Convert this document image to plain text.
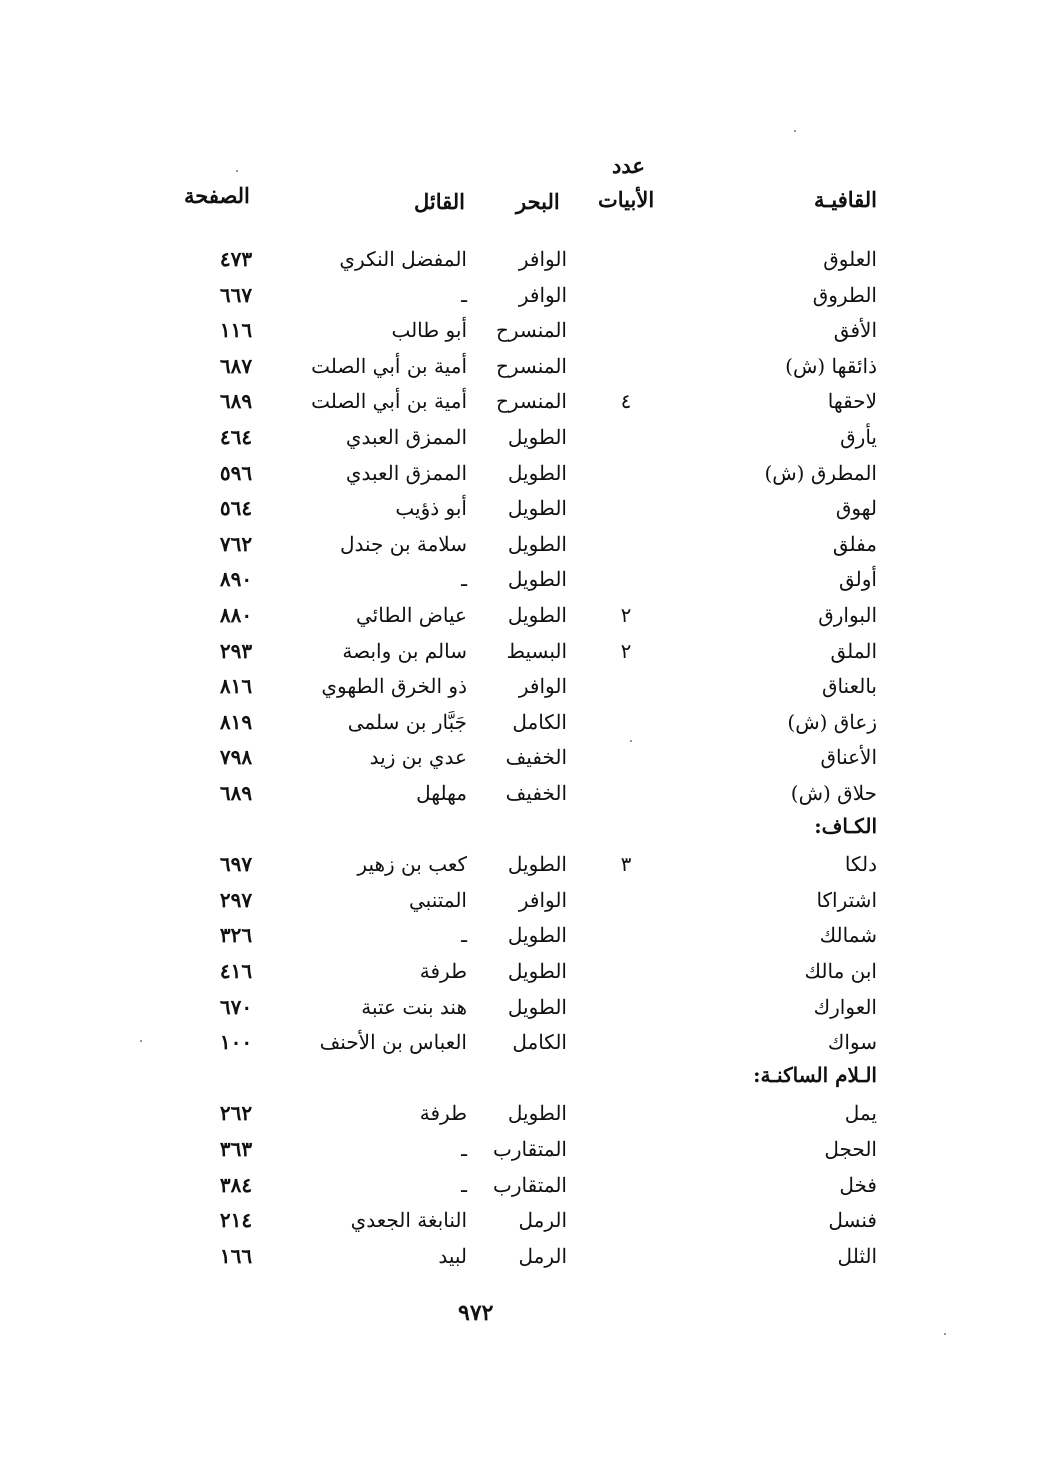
عدد
القافيـة
الأبيات
البحر
القائل
الصفحة
العلوق
الوافر
المفضل النكري
٤٧٣
الطروق
الوافر
ـ
٦٦٧
الأفق
المنسرح
أبو طالب
١١٦
ذائقها (ش)
المنسرح
أمية بن أبي الصلت
٦٨٧
لاحقها
٤
المنسرح
أمية بن أبي الصلت
٦٨٩
يأرق
الطويل
الممزق العبدي
٤٦٤
المطرق (ش)
الطويل
الممزق العبدي
٥٩٦
لهوق
الطويل
أبو ذؤيب
٥٦٤
مفلق
الطويل
سلامة بن جندل
٧٦٢
أولق
الطويل
ـ
٨٩٠
البوارق
٢
الطويل
عياض الطائي
٨٨٠
الملق
٢
البسيط
سالم بن وابصة
٢٩٣
بالعناق
الوافر
ذو الخرق الطهوي
٨١٦
زعاق (ش)
الكامل
جَبَّار بن سلمى
٨١٩
الأعناق
الخفيف
عدي بن زيد
٧٩٨
حلاق (ش)
الخفيف
مهلهل
٦٨٩
الكـاف:
دلكا
٣
الطويل
كعب بن زهير
٦٩٧
اشتراكا
الوافر
المتنبي
٢٩٧
شمالك
الطويل
ـ
٣٢٦
ابن مالك
الطويل
طرفة
٤١٦
العوارك
الطويل
هند بنت عتبة
٦٧٠
سواك
الكامل
العباس بن الأحنف
١٠٠
الـلام الساكنـة:
يمل
الطويل
طرفة
٢٦٢
الحجل
المتقارب
ـ
٣٦٣
فخل
المتقارب
ـ
٣٨٤
فنسل
الرمل
النابغة الجعدي
٢١٤
الثلل
الرمل
لبيد
١٦٦
٩٧٢
